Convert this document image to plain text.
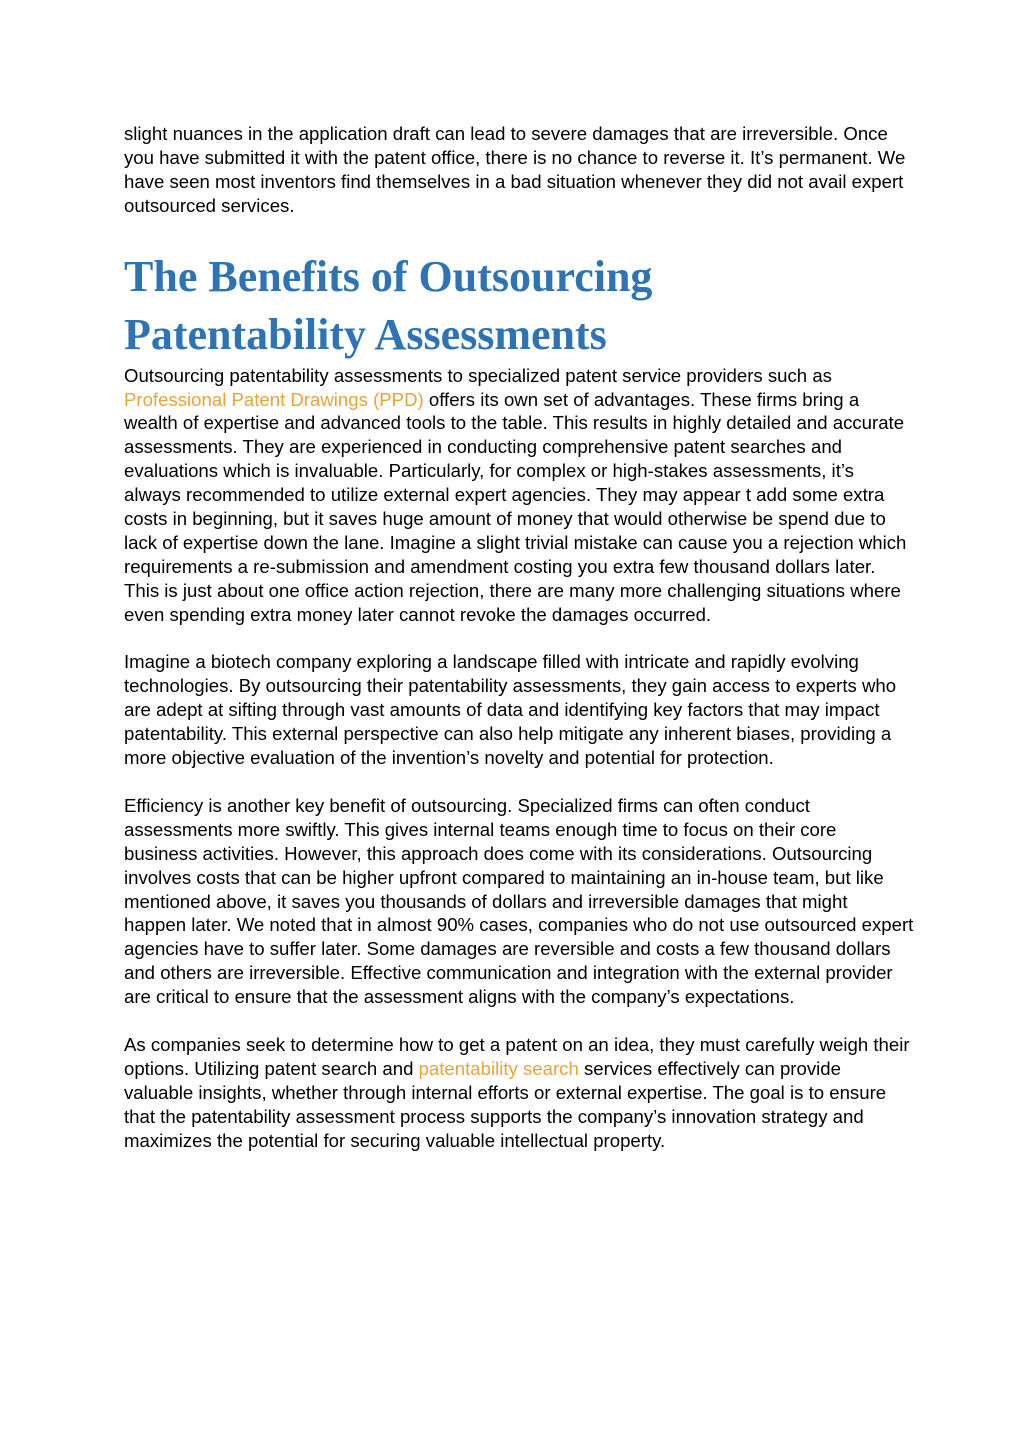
slight nuances in the application draft can lead to severe damages that are irreversible. Once you have submitted it with the patent office, there is no chance to reverse it. It’s permanent. We have seen most inventors find themselves in a bad situation whenever they did not avail expert outsourced services.

The Benefits of Outsourcing Patentability Assessments

Outsourcing patentability assessments to specialized patent service providers such as Professional Patent Drawings (PPD) offers its own set of advantages. These firms bring a wealth of expertise and advanced tools to the table. This results in highly detailed and accurate assessments. They are experienced in conducting comprehensive patent searches and evaluations which is invaluable. Particularly, for complex or high-stakes assessments, it’s always recommended to utilize external expert agencies. They may appear t add some extra costs in beginning, but it saves huge amount of money that would otherwise be spend due to lack of expertise down the lane. Imagine a slight trivial mistake can cause you a rejection which requirements a re-submission and amendment costing you extra few thousand dollars later. This is just about one office action rejection, there are many more challenging situations where even spending extra money later cannot revoke the damages occurred.

Imagine a biotech company exploring a landscape filled with intricate and rapidly evolving technologies. By outsourcing their patentability assessments, they gain access to experts who are adept at sifting through vast amounts of data and identifying key factors that may impact patentability. This external perspective can also help mitigate any inherent biases, providing a more objective evaluation of the invention’s novelty and potential for protection.

Efficiency is another key benefit of outsourcing. Specialized firms can often conduct assessments more swiftly. This gives internal teams enough time to focus on their core business activities. However, this approach does come with its considerations. Outsourcing involves costs that can be higher upfront compared to maintaining an in-house team, but like mentioned above, it saves you thousands of dollars and irreversible damages that might happen later. We noted that in almost 90% cases, companies who do not use outsourced expert agencies have to suffer later. Some damages are reversible and costs a few thousand dollars and others are irreversible. Effective communication and integration with the external provider are critical to ensure that the assessment aligns with the company’s expectations.

As companies seek to determine how to get a patent on an idea, they must carefully weigh their options. Utilizing patent search and patentability search services effectively can provide valuable insights, whether through internal efforts or external expertise. The goal is to ensure that the patentability assessment process supports the company’s innovation strategy and maximizes the potential for securing valuable intellectual property.
